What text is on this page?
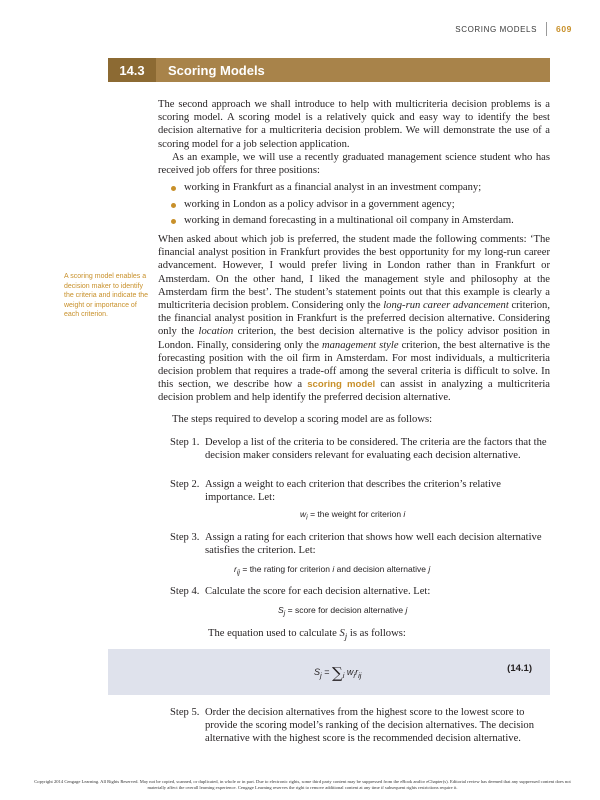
SCORING MODELS	609
14.3	Scoring Models

The second approach we shall introduce to help with multicriteria decision problems is a scoring model. A scoring model is a relatively quick and easy way to identify the best decision alternative for a multicriteria decision problem. We will demonstrate the use of a scoring model for a job selection application.

As an example, we will use a recently graduated management science student who has received job offers for three positions:

working in Frankfurt as a financial analyst in an investment company;
working in London as a policy advisor in a government agency;
working in demand forecasting in a multinational oil company in Amsterdam.
When asked about which job is preferred, the student made the following comments: ‘The financial analyst position in Frankfurt provides the best opportunity for my long-run career advancement. However, I would prefer living in London rather than in Frankfurt or Amsterdam. On the other hand, I liked the management style and philosophy at the Amsterdam firm the best’. The student’s statement points out that this example is clearly a multicriteria decision problem. Considering only the long-run career advancement criterion, the financial analyst position in Frankfurt is the preferred decision alternative. Considering only the location criterion, the best decision alternative is the policy advisor position in London. Finally, considering only the management style criterion, the best alternative is the forecasting position with the oil firm in Amsterdam. For most individuals, a multicriteria decision problem that requires a trade-off among the several criteria is difficult to solve. In this section, we describe how a scoring model can assist in analyzing a multicriteria decision problem and help identify the preferred decision alternative.
A scoring model enables a decision maker to identify the criteria and indicate the weight or importance of each criterion.

The steps required to develop a scoring model are as follows:

Step 1. Develop a list of the criteria to be considered. The criteria are the factors that the decision maker considers relevant for evaluating each decision alternative.
Step 2. Assign a weight to each criterion that describes the criterion’s relative importance. Let:
Step 3. Assign a rating for each criterion that shows how well each decision alternative satisfies the criterion. Let:
Step 4. Calculate the score for each decision alternative. Let:
Step 5. Order the decision alternatives from the highest score to the lowest score to provide the scoring model’s ranking of the decision alternatives. The decision alternative with the highest score is the recommended decision alternative.
$w_i$ = the weight for criterion i
$r_{ij}$ = the rating for criterion i and decision alternative j
$S_j$ = score for decision alternative j
The equation used to calculate $S_j$ is as follows:
$S_j = \sum_i$ $w_ir_{ij}$
(14.1)
Copyright 2014 Cengage Learning. All Rights Reserved. May not be copied, scanned, or duplicated, in whole or in part. Due to electronic rights, some third party content may be suppressed from the eBook and/or eChapter(s). Editorial review has deemed that any suppressed content does not materially affect the overall learning experience. Cengage Learning reserves the right to remove additional content at any time if subsequent rights restrictions require it.
